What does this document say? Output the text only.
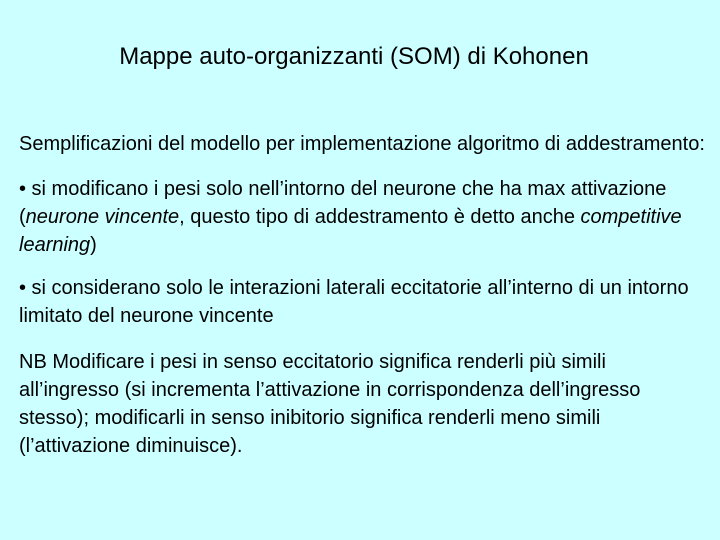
Mappe auto-organizzanti (SOM) di Kohonen

Semplificazioni del modello per implementazione algoritmo di addestramento:

• si modificano i pesi solo nell’intorno del neurone che ha max attivazione (neurone vincente, questo tipo di addestramento è detto anche competitive learning)

• si considerano solo le interazioni laterali eccitatorie all’interno di un intorno limitato del neurone vincente

NB Modificare i pesi in senso eccitatorio significa renderli più simili all’ingresso (si incrementa l’attivazione in corrispondenza dell’ingresso stesso); modificarli in senso inibitorio significa renderli meno simili (l’attivazione diminuisce).
